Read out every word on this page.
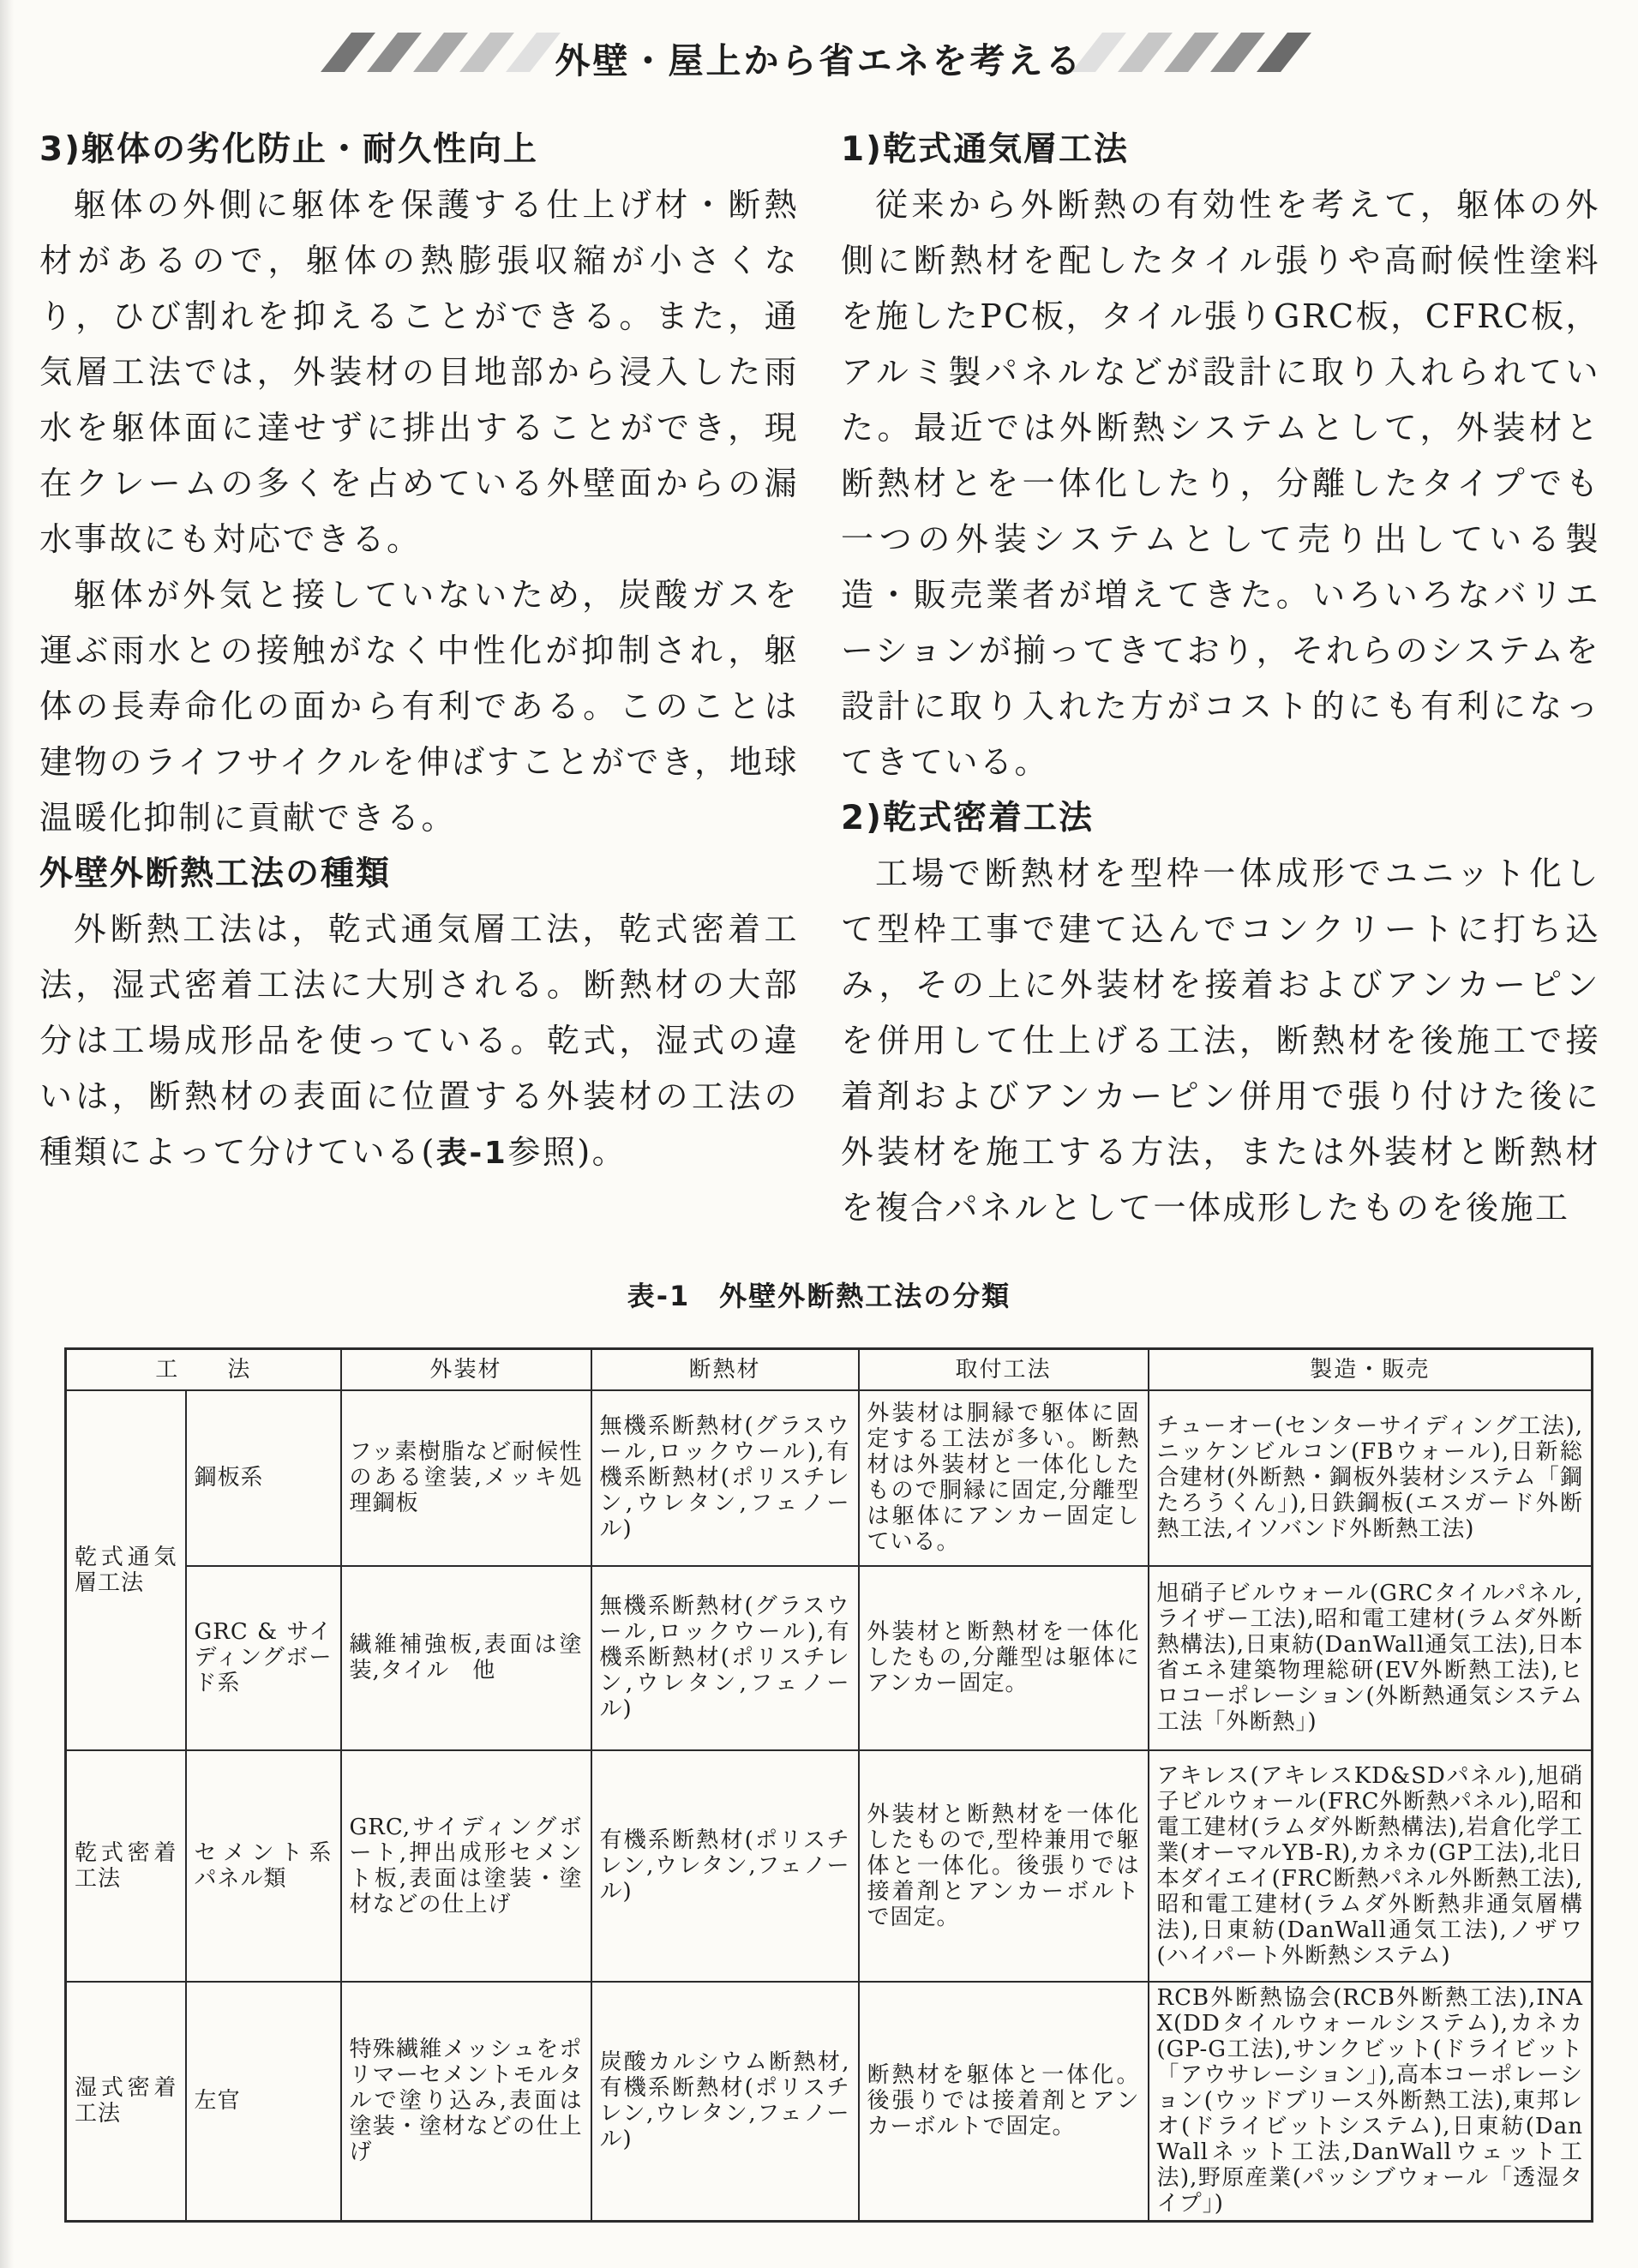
外壁・屋上から省エネを考える
3)躯体の劣化防止・耐久性向上

躯体の外側に躯体を保護する仕上げ材・断熱材があるので，躯体の熱膨張収縮が小さくなり，ひび割れを抑えることができる。また，通気層工法では，外装材の目地部から浸入した雨水を躯体面に達せずに排出することができ，現在クレームの多くを占めている外壁面からの漏水事故にも対応できる。

躯体が外気と接していないため，炭酸ガスを運ぶ雨水との接触がなく中性化が抑制され，躯体の長寿命化の面から有利である。このことは建物のライフサイクルを伸ばすことができ，地球温暖化抑制に貢献できる。

外壁外断熱工法の種類

外断熱工法は，乾式通気層工法，乾式密着工法，湿式密着工法に大別される。断熱材の大部分は工場成形品を使っている。乾式，湿式の違いは，断熱材の表面に位置する外装材の工法の種類によって分けている(表-1参照)。

1)乾式通気層工法

従来から外断熱の有効性を考えて，躯体の外側に断熱材を配したタイル張りや高耐候性塗料を施したPC板，タイル張りGRC板，CFRC板，アルミ製パネルなどが設計に取り入れられていた。最近では外断熱システムとして，外装材と断熱材とを一体化したり，分離したタイプでも一つの外装システムとして売り出している製造・販売業者が増えてきた。いろいろなバリエーションが揃ってきており，それらのシステムを設計に取り入れた方がコスト的にも有利になってきている。

2)乾式密着工法

工場で断熱材を型枠一体成形でユニット化して型枠工事で建て込んでコンクリートに打ち込み，その上に外装材を接着およびアンカーピンを併用して仕上げる工法，断熱材を後施工で接着剤およびアンカーピン併用で張り付けた後に外装材を施工する方法，または外装材と断熱材を複合パネルとして一体成形したものを後施工

表-1　外壁外断熱工法の分類
工　　法		外装材	断熱材	取付工法	製造・販売
乾式通気層工法	鋼板系	フッ素樹脂など耐候性のある塗装,メッキ処理鋼板	無機系断熱材(グラスウール,ロックウール),有機系断熱材(ポリスチレン,ウレタン,フェノール)	外装材は胴縁で躯体に固定する工法が多い。断熱材は外装材と一体化したもので胴縁に固定,分離型は躯体にアンカー固定している。	チューオー(センターサイディング工法),ニッケンビルコン(FBウォール),日新総合建材(外断熱・鋼板外装材システム「鋼たろうくん」),日鉄鋼板(エスガード外断熱工法,イソバンド外断熱工法)
	GRC & サイディングボード系	繊維補強板,表面は塗装,タイル　他	無機系断熱材(グラスウール,ロックウール),有機系断熱材(ポリスチレン,ウレタン,フェノール)	外装材と断熱材を一体化したもの,分離型は躯体にアンカー固定。	旭硝子ビルウォール(GRCタイルパネル,ライザー工法),昭和電工建材(ラムダ外断熱構法),日東紡(DanWall通気工法),日本省エネ建築物理総研(EV外断熱工法),ヒロコーポレーション(外断熱通気システム工法「外断熱」)
乾式密着工法	セメント系パネル類	GRC,サイディングボート,押出成形セメント板,表面は塗装・塗材などの仕上げ	有機系断熱材(ポリスチレン,ウレタン,フェノール)	外装材と断熱材を一体化したもので,型枠兼用で躯体と一体化。後張りでは接着剤とアンカーボルトで固定。	アキレス(アキレスKD&SDパネル),旭硝子ビルウォール(FRC外断熱パネル),昭和電工建材(ラムダ外断熱構法),岩倉化学工業(オーマルYB-R),カネカ(GP工法),北日本ダイエイ(FRC断熱パネル外断熱工法),昭和電工建材(ラムダ外断熱非通気層構法),日東紡(DanWall通気工法),ノザワ(ハイパート外断熱システム)
湿式密着工法	左官	特殊繊維メッシュをポリマーセメントモルタルで塗り込み,表面は塗装・塗材などの仕上げ	炭酸カルシウム断熱材,有機系断熱材(ポリスチレン,ウレタン,フェノール)	断熱材を躯体と一体化。後張りでは接着剤とアンカーボルトで固定。	RCB外断熱協会(RCB外断熱工法),INAX(DDタイルウォールシステム),カネカ(GP-G工法),サンクビット(ドライビット「アウサレーション」),高本コーポレーション(ウッドブリース外断熱工法),東邦レオ(ドライビットシステム),日東紡(DanWallネット工法,DanWallウェット工法),野原産業(パッシブウォール「透湿タイプ」)
